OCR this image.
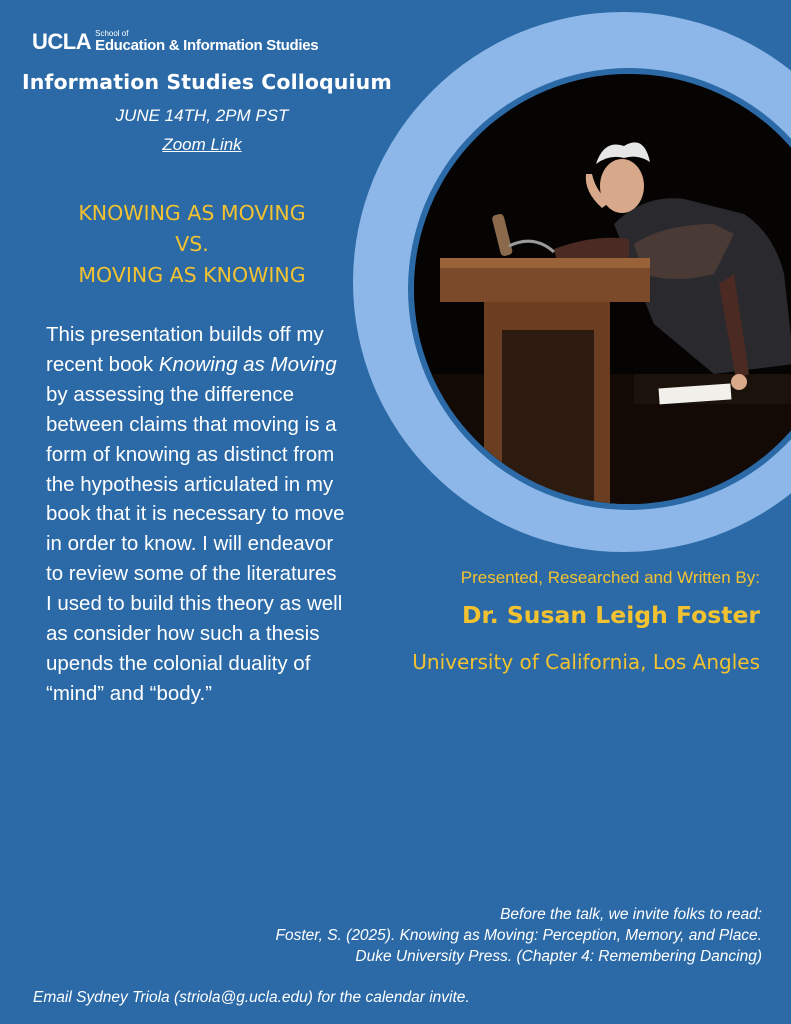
UCLA School of
Education & Information Studies
Information Studies Colloquium
JUNE 14TH, 2PM PST
Zoom Link
KNOWING AS MOVING
VS.
MOVING AS KNOWING
This presentation builds off my recent book Knowing as Moving by assessing the difference between claims that moving is a form of knowing as distinct from the hypothesis articulated in my book that it is necessary to move in order to know. I will endeavor to review some of the literatures I used to build this theory as well as consider how such a thesis upends the colonial duality of “mind” and “body.”
Presented, Researched and Written By:
Dr. Susan Leigh Foster
University of California, Los Angles
Before the talk, we invite folks to read:
Foster, S. (2025). Knowing as Moving: Perception, Memory, and Place.
Duke University Press. (Chapter 4: Remembering Dancing)
Email Sydney Triola (striola@g.ucla.edu) for the calendar invite.
